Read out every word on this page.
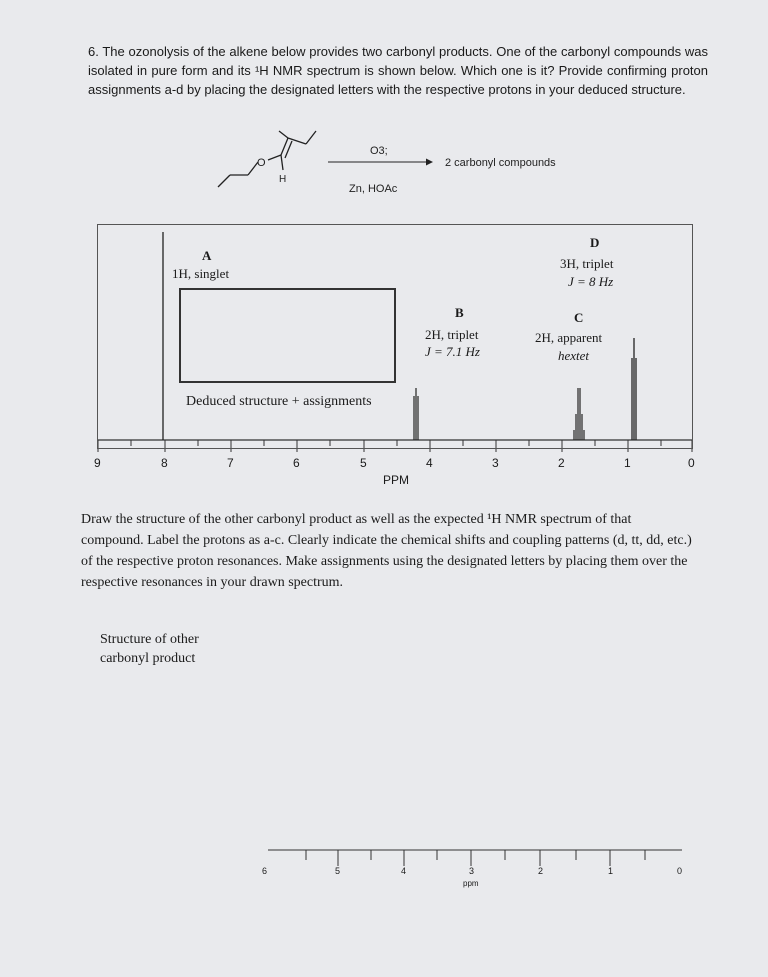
6. The ozonolysis of the alkene below provides two carbonyl products. One of the carbonyl compounds was isolated in pure form and its ¹H NMR spectrum is shown below. Which one is it? Provide confirming proton assignments a-d by placing the designated letters with the respective protons in your deduced structure.
O
H
O3;
Zn, HOAc
2 carbonyl compounds
A
1H, singlet
B
2H, triplet
J = 7.1 Hz
C
2H, apparent
hextet
D
3H, triplet
J = 8 Hz
Deduced structure + assignments
9	8	7	6	5	4	3	2	1	0
PPM
Draw the structure of the other carbonyl product as well as the expected ¹H NMR spectrum of that compound. Label the protons as a-c. Clearly indicate the chemical shifts and coupling patterns (d, tt, dd, etc.) of the respective proton resonances. Make assignments using the designated letters by placing them over the respective resonances in your drawn spectrum.
Structure of other
carbonyl product
6	5	4	3	2	1	0
ppm
